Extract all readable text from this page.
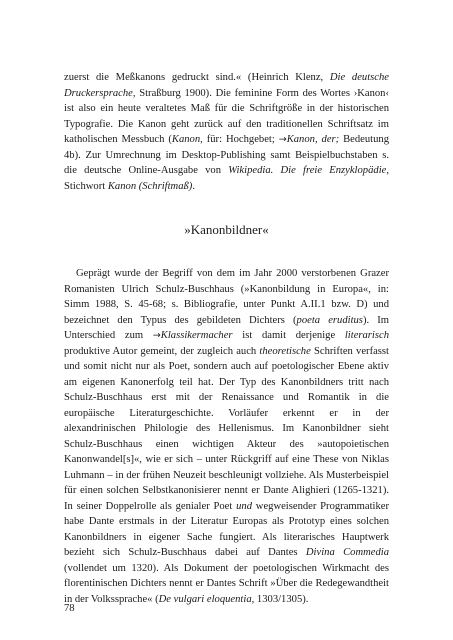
zuerst die Meßkanons gedruckt sind.« (Heinrich Klenz, Die deutsche Druckersprache, Straßburg 1900). Die feminine Form des Wortes ›Kanon‹ ist also ein heute veraltetes Maß für die Schriftgröße in der historischen Typografie. Die Kanon geht zurück auf den traditionellen Schriftsatz im katholischen Messbuch (Kanon, für: Hochgebet; →Kanon, der; Bedeutung 4b). Zur Umrechnung im Desktop-Publishing samt Beispielbuchstaben s. die deutsche Online-Ausgabe von Wikipedia. Die freie Enzyklopädie, Stichwort Kanon (Schriftmaß).

»Kanonbildner«

Geprägt wurde der Begriff von dem im Jahr 2000 verstorbenen Grazer Romanisten Ulrich Schulz-Buschhaus (»Kanonbildung in Europa«, in: Simm 1988, S. 45-68; s. Bibliografie, unter Punkt A.II.1 bzw. D) und bezeichnet den Typus des gebildeten Dichters (poeta eruditus). Im Unterschied zum →Klassikermacher ist damit derjenige literarisch produktive Autor gemeint, der zugleich auch theoretische Schriften verfasst und somit nicht nur als Poet, sondern auch auf poetologischer Ebene aktiv am eigenen Kanonerfolg teil hat. Der Typ des Kanonbildners tritt nach Schulz-Buschhaus erst mit der Renaissance und Romantik in die europäische Literaturgeschichte. Vorläufer erkennt er in der alexandrinischen Philologie des Hellenismus. Im Kanonbildner sieht Schulz-Buschhaus einen wichtigen Akteur des »autopoietischen Kanonwandel[s]«, wie er sich – unter Rückgriff auf eine These von Niklas Luhmann – in der frühen Neuzeit beschleunigt vollziehe. Als Musterbeispiel für einen solchen Selbstkanonisierer nennt er Dante Alighieri (1265-1321). In seiner Doppelrolle als genialer Poet und wegweisender Programmatiker habe Dante erstmals in der Literatur Europas als Prototyp eines solchen Kanonbildners in eigener Sache fungiert. Als literarisches Hauptwerk bezieht sich Schulz-Buschhaus dabei auf Dantes Divina Commedia (vollendet um 1320). Als Dokument der poetologischen Wirkmacht des florentinischen Dichters nennt er Dantes Schrift »Über die Redegewandtheit in der Volkssprache« (De vulgari eloquentia, 1303/1305).

78
